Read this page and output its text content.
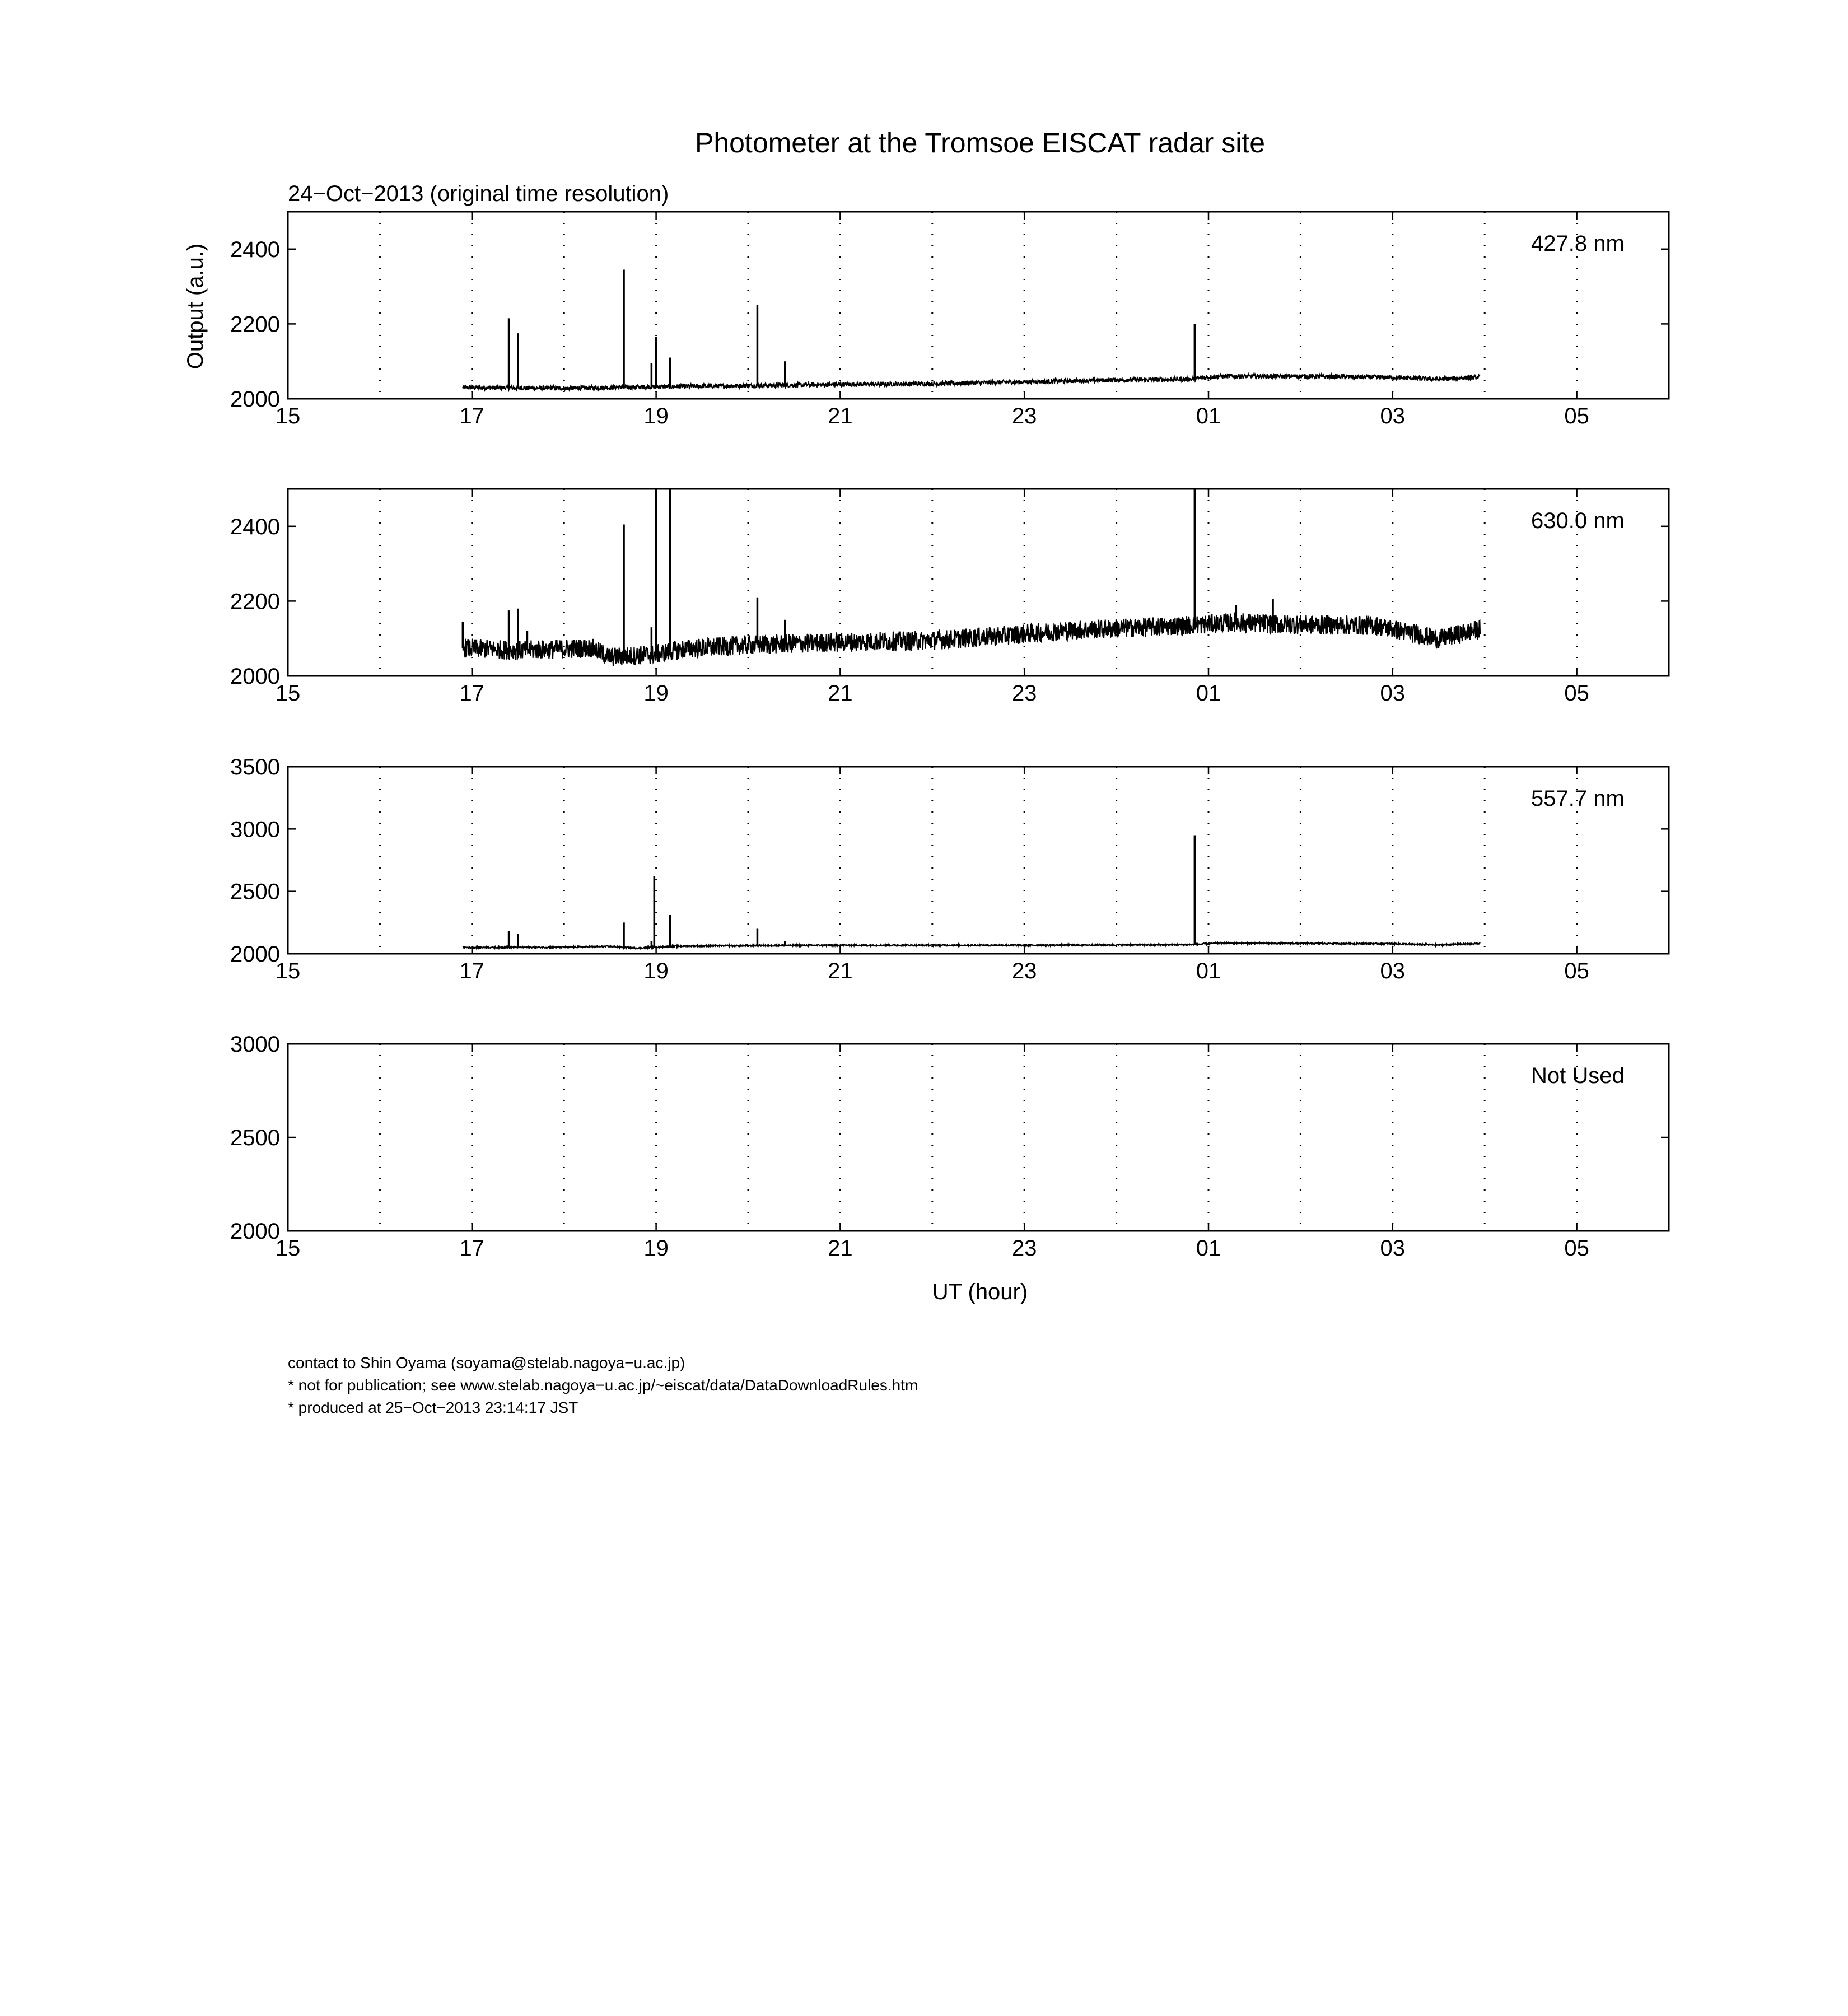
Photometer at the Tromsoe EISCAT radar site
24−Oct−2013 (original time resolution)
Output (a.u.)
UT (hour)
15	17	19	21	23	01	03	05
2000
2200
2400	427.8 nm
15	17	19	21	23	01	03	05
2000
2200
2400	630.0 nm
15	17	19	21	23	01	03	05
2000
2500
3000
3500
557.7 nm
15	17	19	21	23	01	03	05
2000
2500
3000
Not Used
contact to Shin Oyama (soyama@stelab.nagoya−u.ac.jp)
* not for publication; see www.stelab.nagoya−u.ac.jp/~eiscat/data/DataDownloadRules.htm
* produced at 25−Oct−2013 23:14:17 JST
